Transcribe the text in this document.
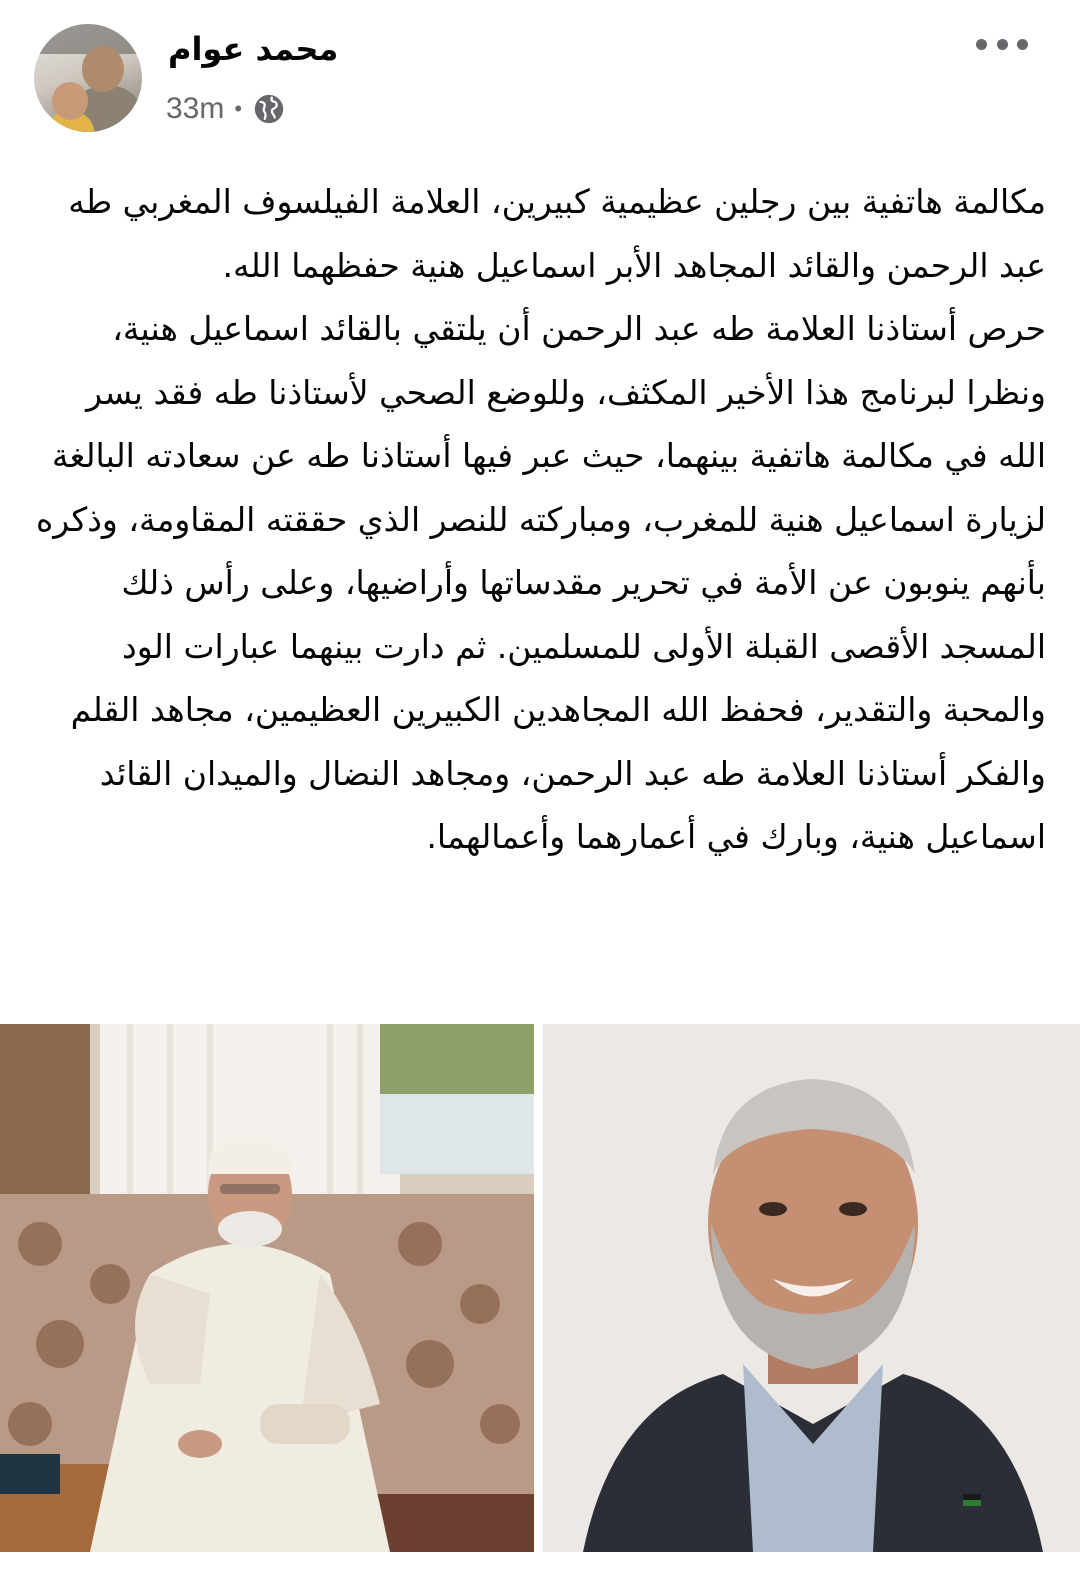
محمد عوام
33m •

مكالمة هاتفية بين رجلين عظيمية كبيرين، العلامة الفيلسوف المغربي طه عبد الرحمن والقائد المجاهد الأبر اسماعيل هنية حفظهما الله.

حرص أستاذنا العلامة طه عبد الرحمن أن يلتقي بالقائد اسماعيل هنية، ونظرا لبرنامج هذا الأخير المكثف، وللوضع الصحي لأستاذنا طه فقد يسر الله في مكالمة هاتفية بينهما، حيث عبر فيها أستاذنا طه عن سعادته البالغة لزيارة اسماعيل هنية للمغرب، ومباركته للنصر الذي حققته المقاومة، وذكره بأنهم ينوبون عن الأمة في تحرير مقدساتها وأراضيها، وعلى رأس ذلك المسجد الأقصى القبلة الأولى للمسلمين. ثم دارت بينهما عبارات الود والمحبة والتقدير، فحفظ الله المجاهدين الكبيرين العظيمين، مجاهد القلم والفكر أستاذنا العلامة طه عبد الرحمن، ومجاهد النضال والميدان القائد اسماعيل هنية، وبارك في أعمارهما وأعمالهما.
